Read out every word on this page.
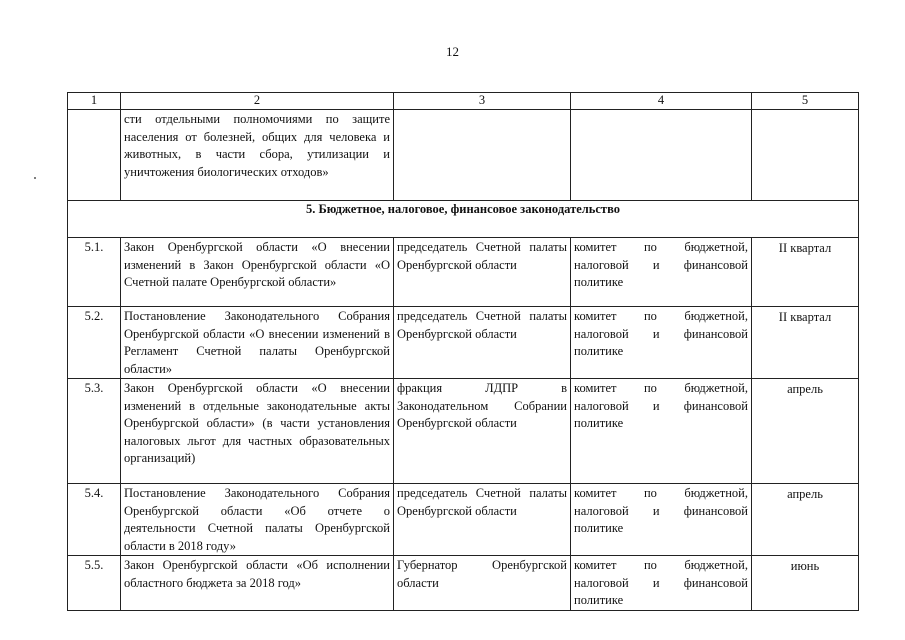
12
1	2	3	4	5
	сти отдельными полномочиями по защите населения от болезней, общих для человека и животных, в части сбора, утилизации и уничтожения биологических отходов»			
5. Бюджетное, налоговое, финансовое законодательство				
5.1.	Закон Оренбургской области «О внесении изменений в Закон Оренбургской области «О Счетной палате Оренбургской области»	председатель Счетной палаты Оренбургской области	комитет по бюджетной, налоговой и финансовой политике	II квартал
5.2.	Постановление Законодательного Собрания Оренбургской области «О внесении изменений в Регламент Счетной палаты Оренбургской области»	председатель Счетной палаты Оренбургской области	комитет по бюджетной, налоговой и финансовой политике	II квартал
5.3.	Закон Оренбургской области «О внесении изменений в отдельные законодательные акты Оренбургской области» (в части установления налоговых льгот для частных образовательных организаций)	фракция ЛДПР в Законодательном Собрании Оренбургской области	комитет по бюджетной, налоговой и финансовой политике	апрель
5.4.	Постановление Законодательного Собрания Оренбургской области «Об отчете о деятельности Счетной палаты Оренбургской области в 2018 году»	председатель Счетной палаты Оренбургской области	комитет по бюджетной, налоговой и финансовой политике	апрель
5.5.	Закон Оренбургской области «Об исполнении областного бюджета за 2018 год»	Губернатор Оренбургской области	комитет по бюджетной, налоговой и финансовой политике	июнь
